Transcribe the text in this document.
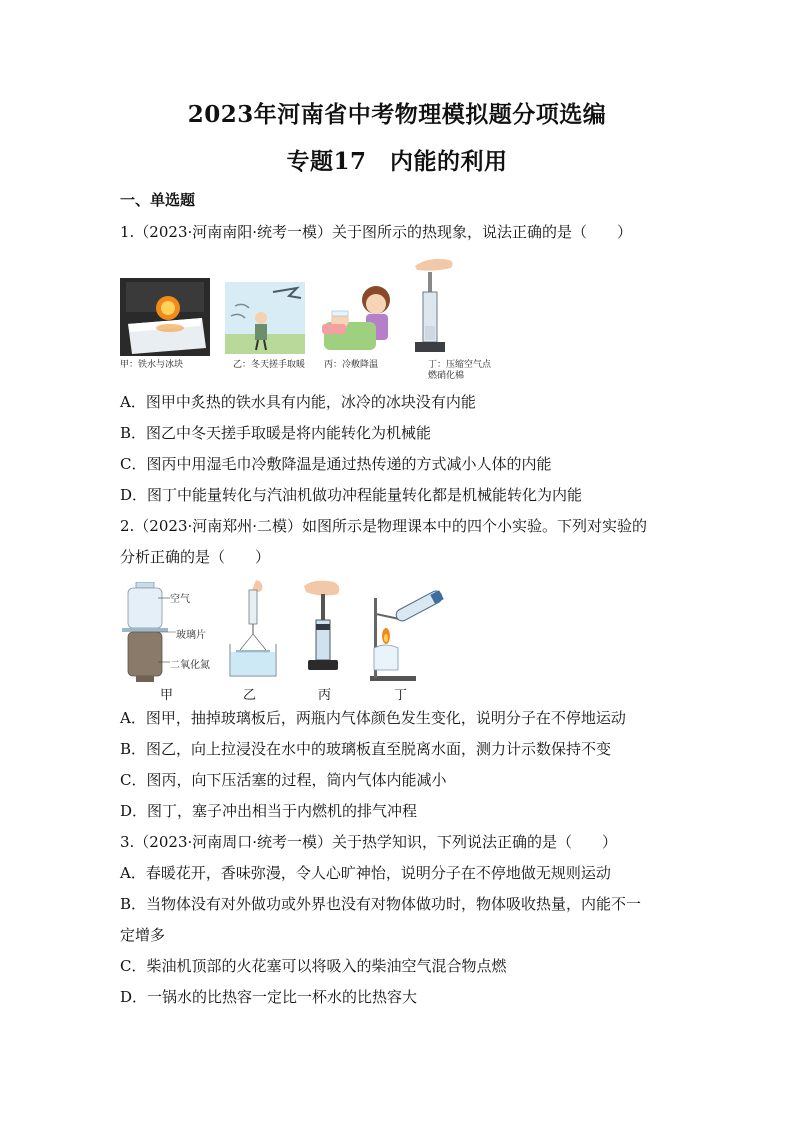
2023年河南省中考物理模拟题分项选编
专题17　内能的利用
一、单选题
1.（2023·河南南阳·统考一模）关于图所示的热现象，说法正确的是（　　）
甲：铁水与冰块	乙：冬天搓手取暖 丙：冷敷降温	丁：压缩空气点
燃硝化棉
A．图甲中炙热的铁水具有内能，冰冷的冰块没有内能
B．图乙中冬天搓手取暖是将内能转化为机械能
C．图丙中用湿毛巾冷敷降温是通过热传递的方式减小人体的内能
D．图丁中能量转化与汽油机做功冲程能量转化都是机械能转化为内能
2.（2023·河南郑州·二模）如图所示是物理课本中的四个小实验。下列对实验的
分析正确的是（　　）
空气
玻璃片
二氧化氮
甲	乙	丙	丁
A．图甲，抽掉玻璃板后，两瓶内气体颜色发生变化，说明分子在不停地运动
B．图乙，向上拉浸没在水中的玻璃板直至脱离水面，测力计示数保持不变
C．图丙，向下压活塞的过程，筒内气体内能减小
D．图丁，塞子冲出相当于内燃机的排气冲程
3.（2023·河南周口·统考一模）关于热学知识，下列说法正确的是（　　）
A．春暖花开，香味弥漫，令人心旷神怡，说明分子在不停地做无规则运动
B．当物体没有对外做功或外界也没有对物体做功时，物体吸收热量，内能不一
定增多
C．柴油机顶部的火花塞可以将吸入的柴油空气混合物点燃
D．一锅水的比热容一定比一杯水的比热容大
